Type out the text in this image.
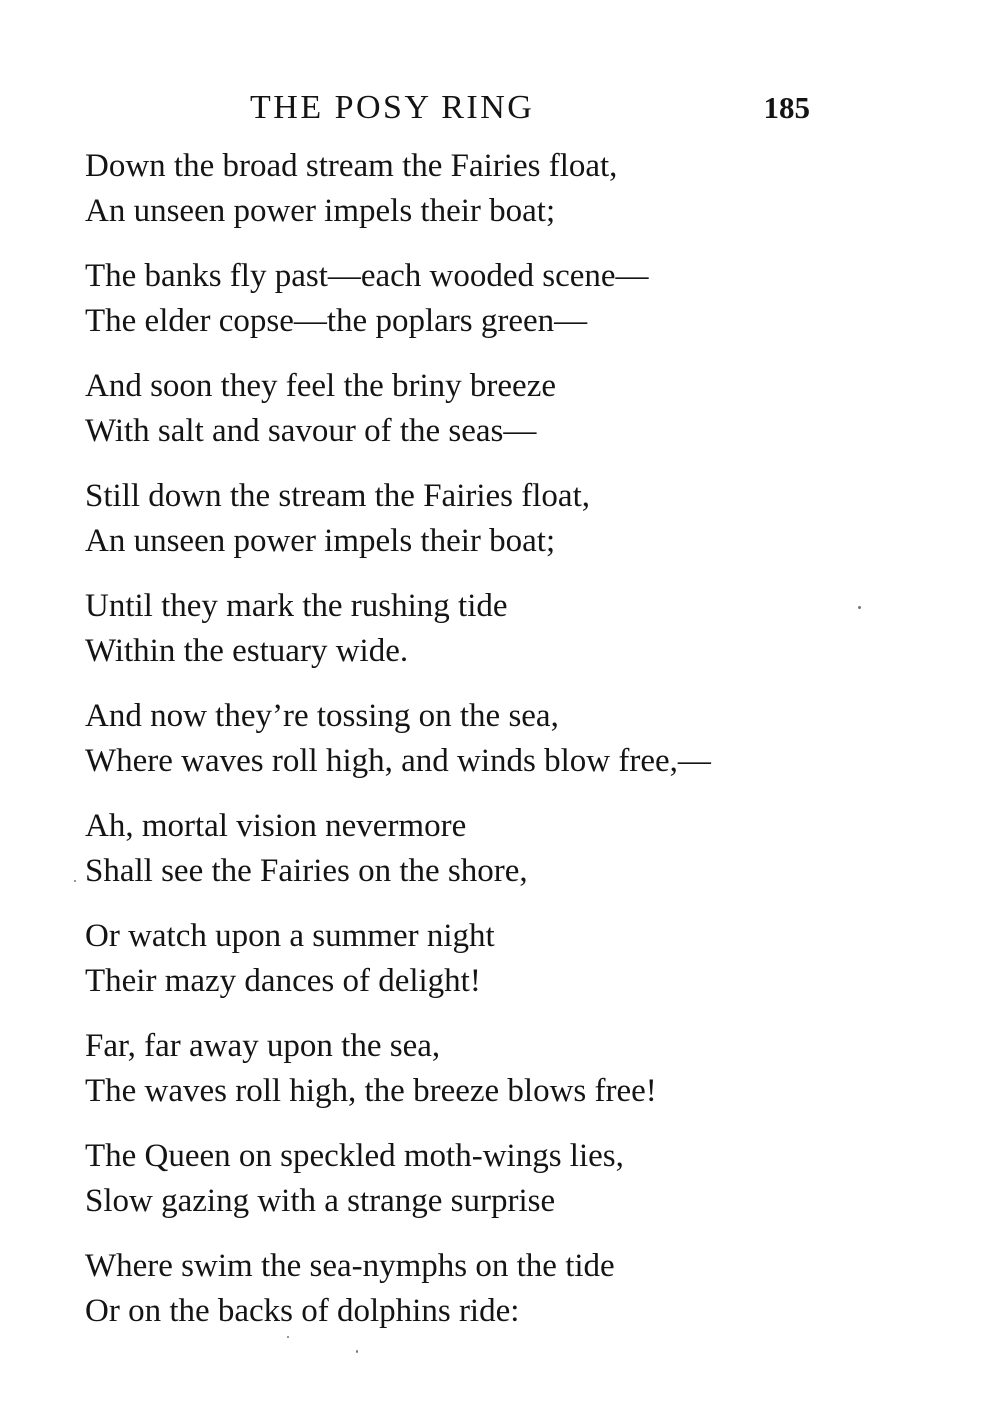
THE POSY RING	185
Down the broad stream the Fairies float,
An unseen power impels their boat;
The banks fly past—each wooded scene—
The elder copse—the poplars green—
And soon they feel the briny breeze
With salt and savour of the seas—
Still down the stream the Fairies float,
An unseen power impels their boat;
Until they mark the rushing tide
Within the estuary wide.
And now they’re tossing on the sea,
Where waves roll high, and winds blow free,—
Ah, mortal vision nevermore
Shall see the Fairies on the shore,
Or watch upon a summer night
Their mazy dances of delight!
Far, far away upon the sea,
The waves roll high, the breeze blows free!
The Queen on speckled moth-wings lies,
Slow gazing with a strange surprise
Where swim the sea-nymphs on the tide
Or on the backs of dolphins ride:
